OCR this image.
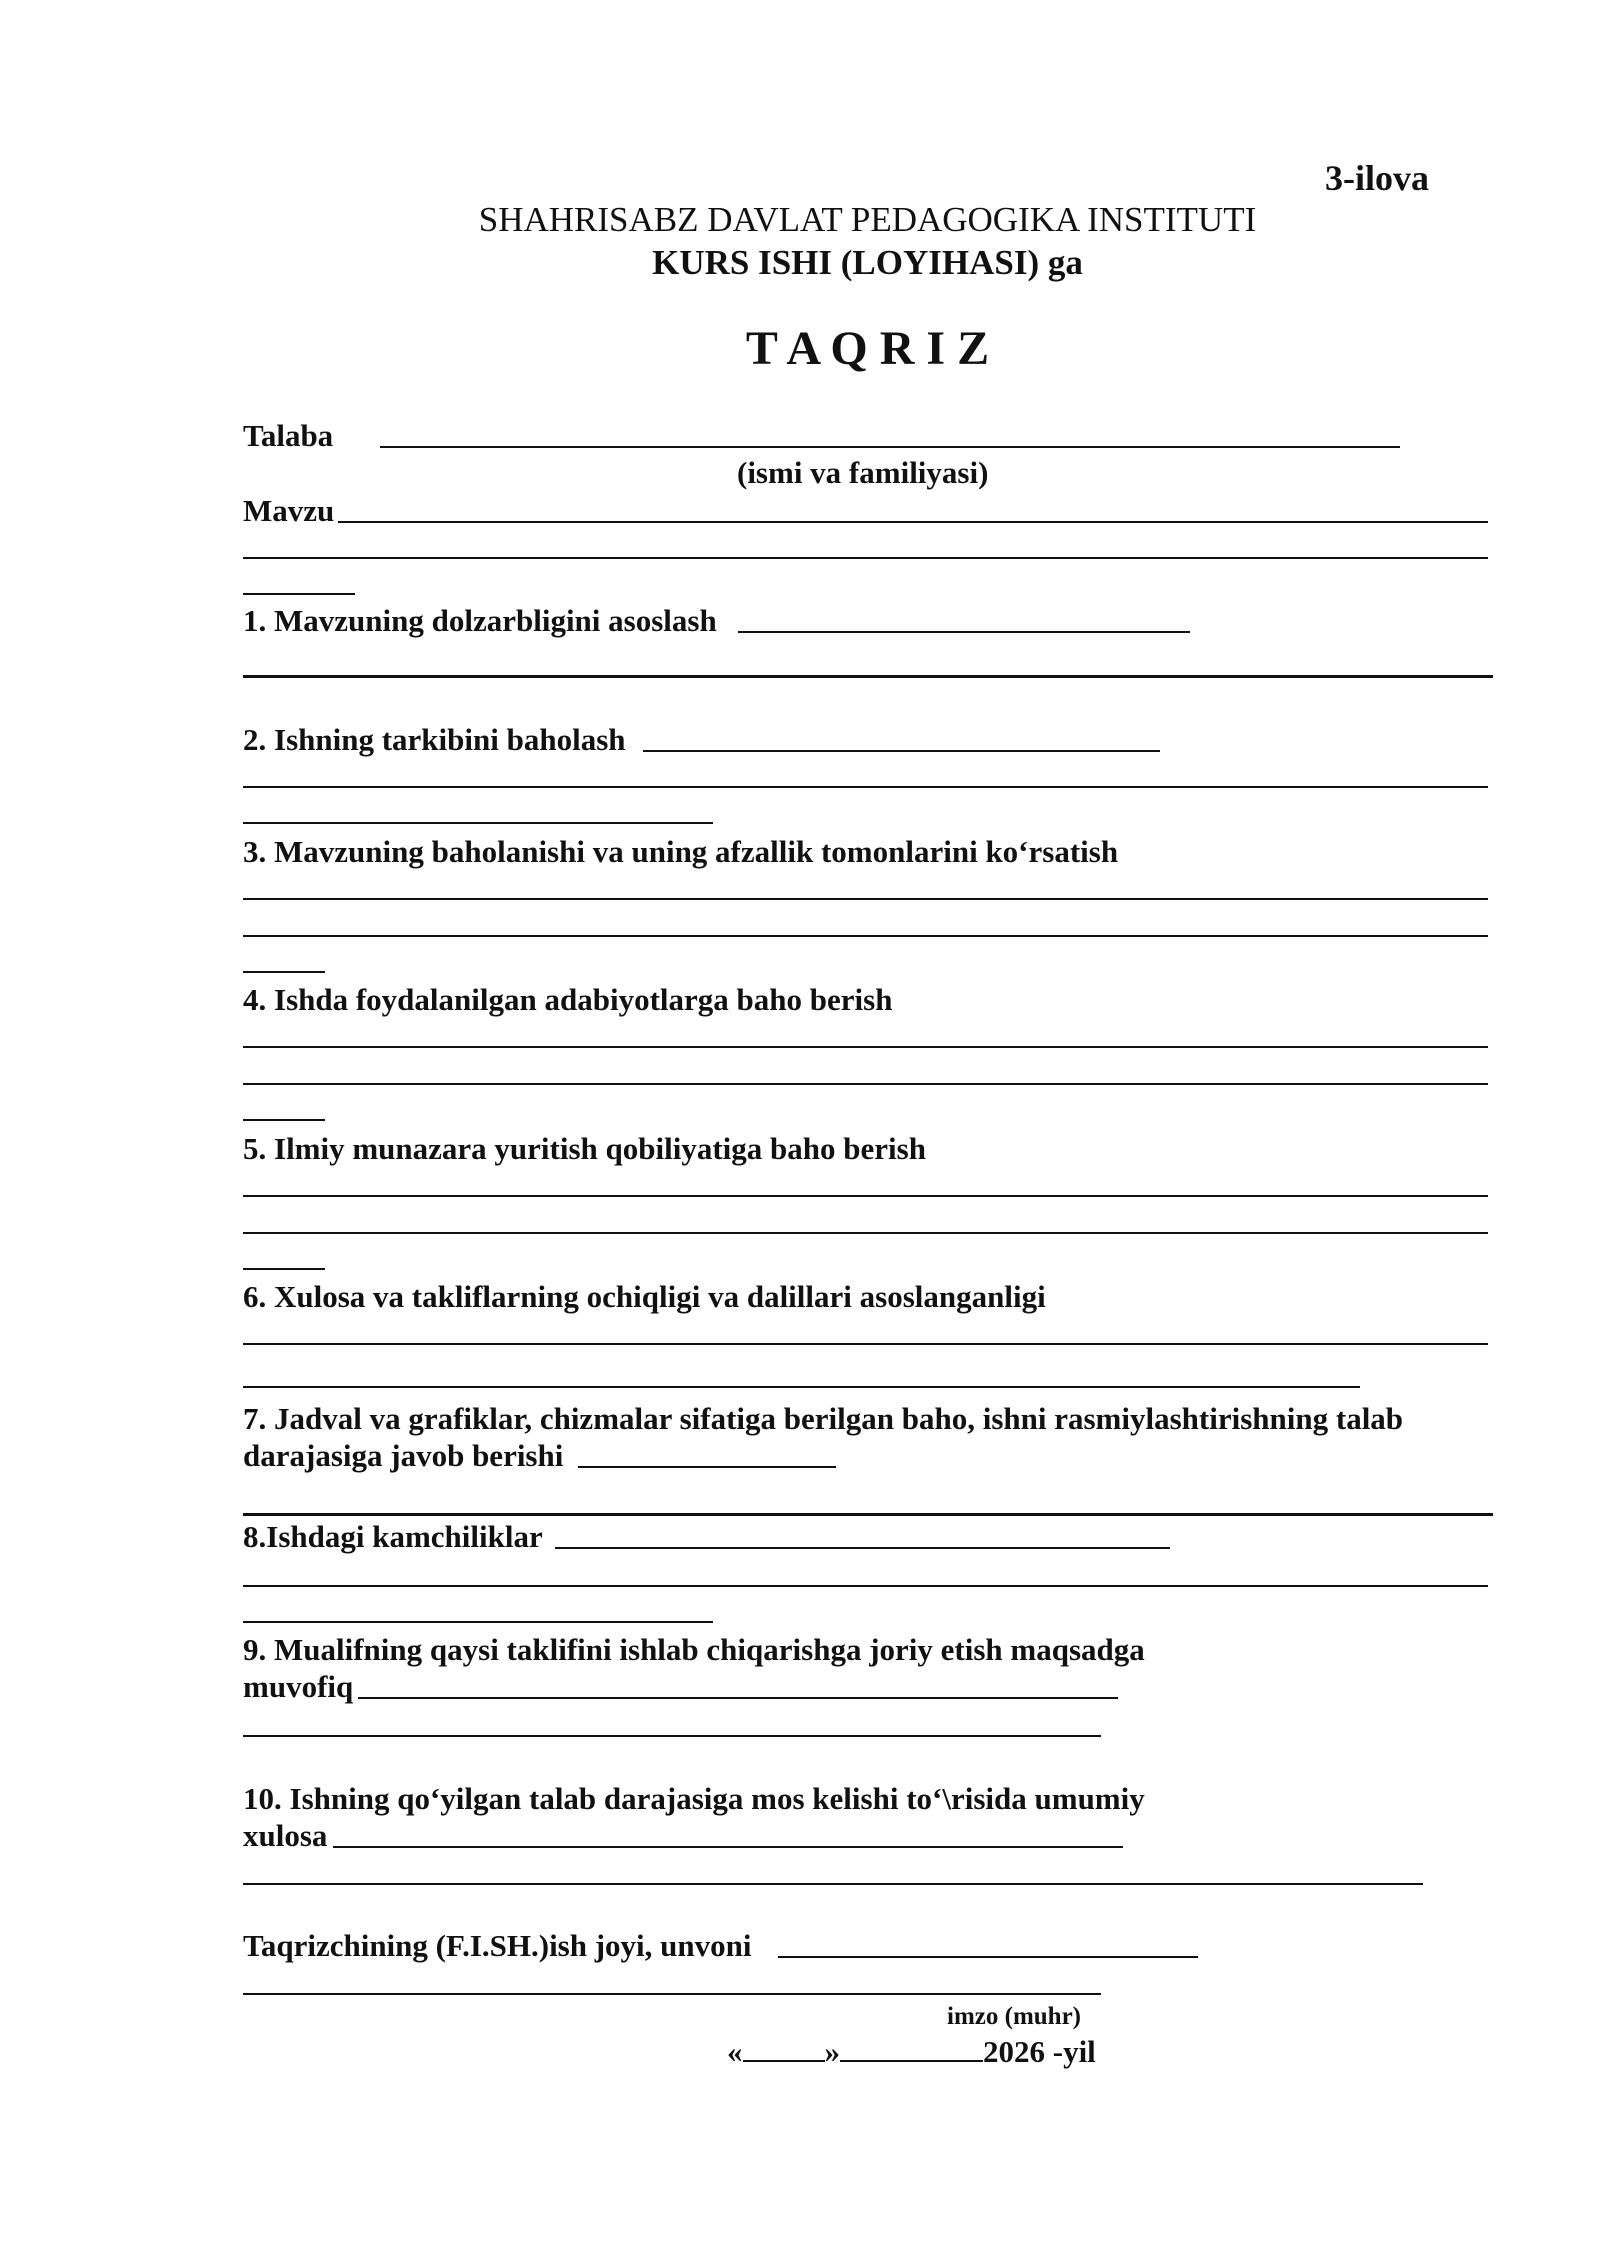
3-ilova
SHAHRISABZ DAVLAT PEDAGOGIKA INSTITUTI
KURS ISHI (LOYIHASI) ga
T A Q R I Z
Talaba
(ismi va familiyasi)
Mavzu
1. Mavzuning dolzarbligini asoslash
2. Ishning tarkibini baholash
3. Mavzuning baholanishi va uning afzallik tomonlarini ko‘rsatish
4. Ishda foydalanilgan adabiyotlarga baho berish
5. Ilmiy munazara yuritish qobiliyatiga baho berish
6. Xulosa va takliflarning ochiqligi va dalillari asoslanganligi
7. Jadval va grafiklar, chizmalar sifatiga berilgan baho, ishni rasmiylashtirishning talab
darajasiga javob berishi
8.Ishdagi kamchiliklar
9. Mualifning qaysi taklifini ishlab chiqarishga joriy etish maqsadga
muvofiq
10. Ishning qo‘yilgan talab darajasiga mos kelishi to‘\risida umumiy
xulosa
Taqrizchining (F.I.SH.)ish joyi, unvoni
imzo (muhr)
«	»	2026 -yil
